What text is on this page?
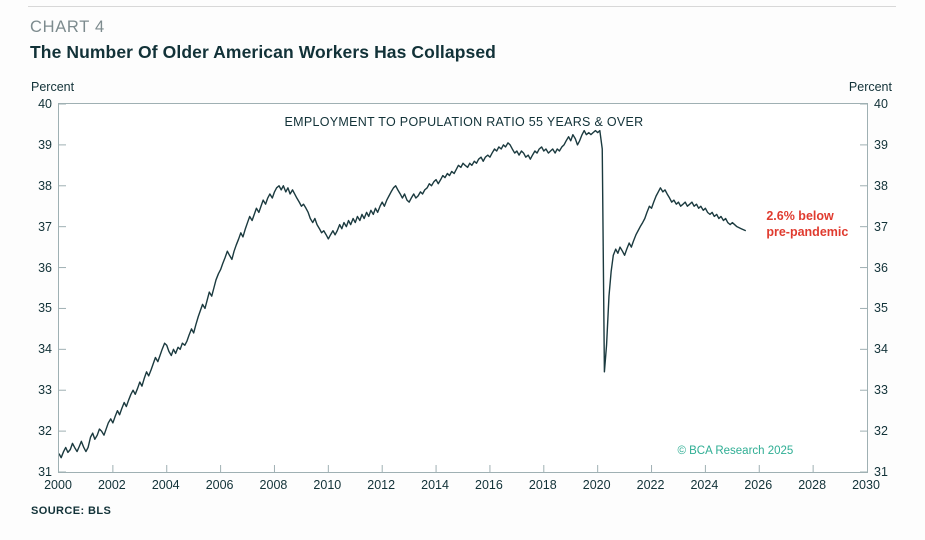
CHART 4
The Number Of Older American Workers Has Collapsed
Percent	Percent
EMPLOYMENT TO POPULATION RATIO 55 YEARS & OVER
31	31
32	32
33	33
34	34
35	35
36	36
37	37
38	38
39	39
40	40
2000 2002 2004 2006 2008 2010 2012 2014 2016 2018 2020 2022 2024 2026 2028 2030
2.6% below
pre-pandemic
© BCA Research 2025
SOURCE: BLS
